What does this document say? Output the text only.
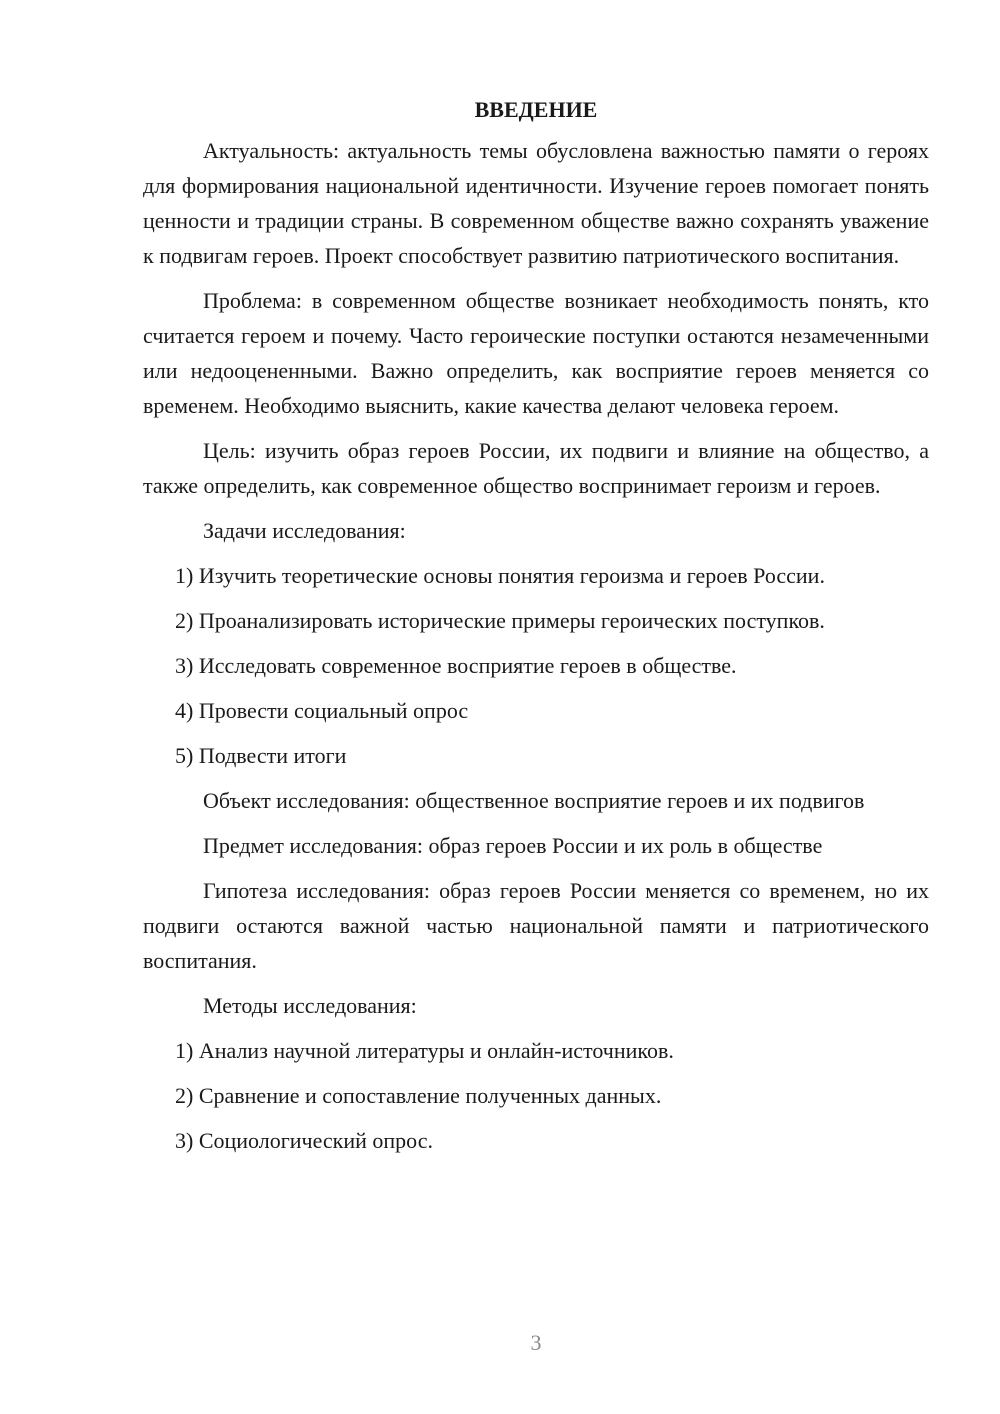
ВВЕДЕНИЕ

Актуальность: актуальность темы обусловлена важностью памяти о героях для формирования национальной идентичности. Изучение героев помогает понять ценности и традиции страны. В современном обществе важно сохранять уважение к подвигам героев. Проект способствует развитию патриотического воспитания.

Проблема: в современном обществе возникает необходимость понять, кто считается героем и почему. Часто героические поступки остаются незамеченными или недооцененными. Важно определить, как восприятие героев меняется со временем. Необходимо выяснить, какие качества делают человека героем.

Цель: изучить образ героев России, их подвиги и влияние на общество, а также определить, как современное общество воспринимает героизм и героев.

Задачи исследования:

1) Изучить теоретические основы понятия героизма и героев России.

2) Проанализировать исторические примеры героических поступков.

3) Исследовать современное восприятие героев в обществе.

4) Провести социальный опрос

5) Подвести итоги

Объект исследования: общественное восприятие героев и их подвигов

Предмет исследования: образ героев России и их роль в обществе

Гипотеза исследования: образ героев России меняется со временем, но их подвиги остаются важной частью национальной памяти и патриотического воспитания.

Методы исследования:

1) Анализ научной литературы и онлайн-источников.

2) Сравнение и сопоставление полученных данных.

3) Социологический опрос.

3
